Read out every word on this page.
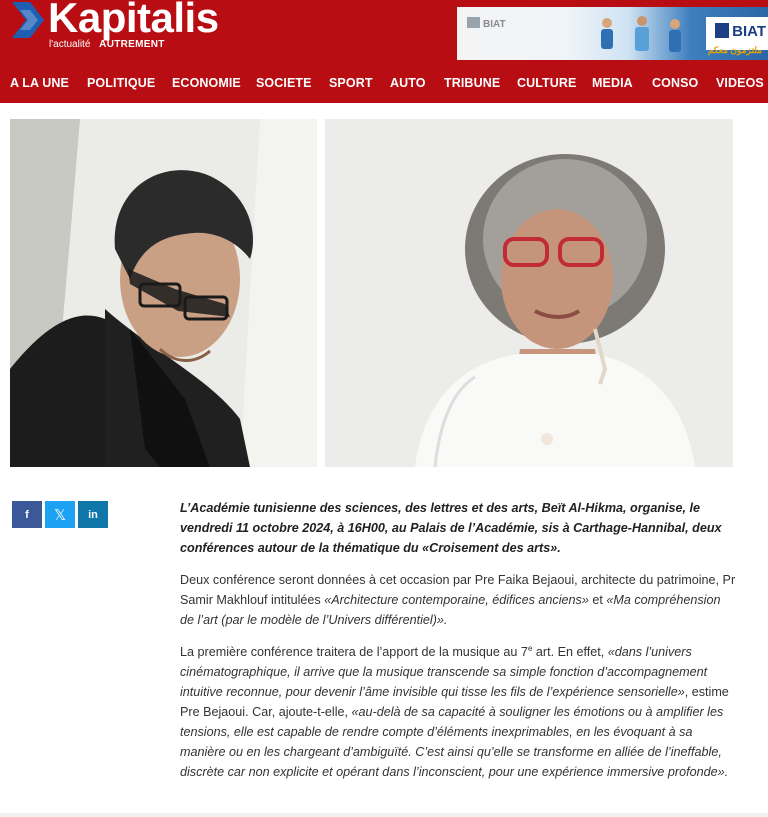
Kapitalis
l'actualité AUTREMENT
BIAT	BIAT
ملتزمون معكم
A LA UNE POLITIQUE ECONOMIE SOCIETE SPORT AUTO TRIBUNE CULTURE MEDIA CONSO VIDEOS
f 𝕏 in	L’Académie tunisienne des sciences, des lettres et des arts, Beït Al-Hikma, organise, le vendredi 11 octobre 2024, à 16H00, au Palais de l’Académie, sis à Carthage-Hannibal, deux conférences autour de la thématique du «Croisement des arts».

Deux conférence seront données à cet occasion par Pre Faika Bejaoui, architecte du patrimoine, Pr Samir Makhlouf intitulées «Architecture contemporaine, édifices anciens» et «Ma compréhension de l’art (par le modèle de l’Univers différentiel)».

La première conférence traitera de l’apport de la musique au 7e art. En effet, «dans l’univers cinématographique, il arrive que la musique transcende sa simple fonction d’accompagnement intuitive reconnue, pour devenir l’âme invisible qui tisse les fils de l’expérience sensorielle», estime Pre Bejaoui. Car, ajoute-t-elle, «au-delà de sa capacité à souligner les émotions ou à amplifier les tensions, elle est capable de rendre compte d’éléments inexprimables, en les évoquant à sa manière ou en les chargeant d’ambiguïté. C’est ainsi qu’elle se transforme en alliée de l’ineffable, discrète car non explicite et opérant dans l’inconscient, pour une expérience immersive profonde».
